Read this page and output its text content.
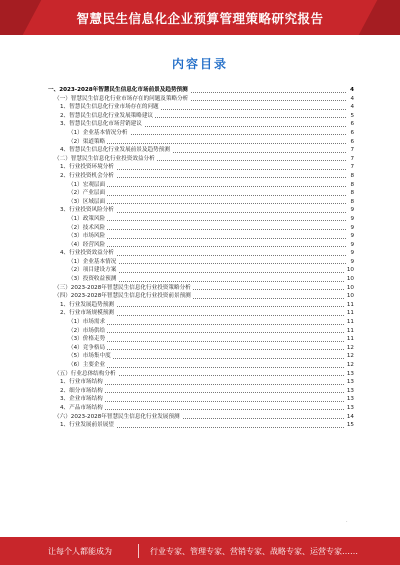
智慧民生信息化企业预算管理策略研究报告
内容目录
一、2023-2028年智慧民生信息化市场前景及趋势预测	4
（一）智慧民生信息化行业市场存在的问题及策略分析	4
1、智慧民生信息化行业市场存在的问题	4
2、智慧民生信息化行业发展策略建议	5
3、智慧民生信息化市场营销建议	6
（1）企业基本情况分析	6
（2）渠道策略	6
4、智慧民生信息化行业发展前景及趋势预测	7
（二）智慧民生信息化行业投资效益分析	7
1、行业投资环境分析	7
2、行业投资机会分析	8
（1）宏观层面	8
（2）产业层面	8
（3）区域层面	8
3、行业投资风险分析	9
（1）政策风险	9
（2）技术风险	9
（3）市场风险	9
（4）经营风险	9
4、行业投资效益分析	9
（1）企业基本情况	9
（2）项目建设方案	10
（3）投资收益预测	10
（三）2023-2028年智慧民生信息化行业投资策略分析	10
（四）2023-2028年智慧民生信息化行业投资前景预测	10
1、行业发展趋势预测	11
2、行业市场规模预测	11
（1）市场需求	11
（2）市场供给	11
（3）价格走势	11
（4）竞争格局	12
（5）市场集中度	12
（6）主要企业	12
（五）行业总体结构分析	13
1、行业市场结构	13
2、细分市场结构	13
3、企业市场结构	13
4、产品市场结构	13
（六）2023-2028年智慧民生信息化行业发展预测	14
1、行业发展前景展望	15
·
让每个人都能成为	行业专家、管理专家、营销专家、战略专家、运营专家……
